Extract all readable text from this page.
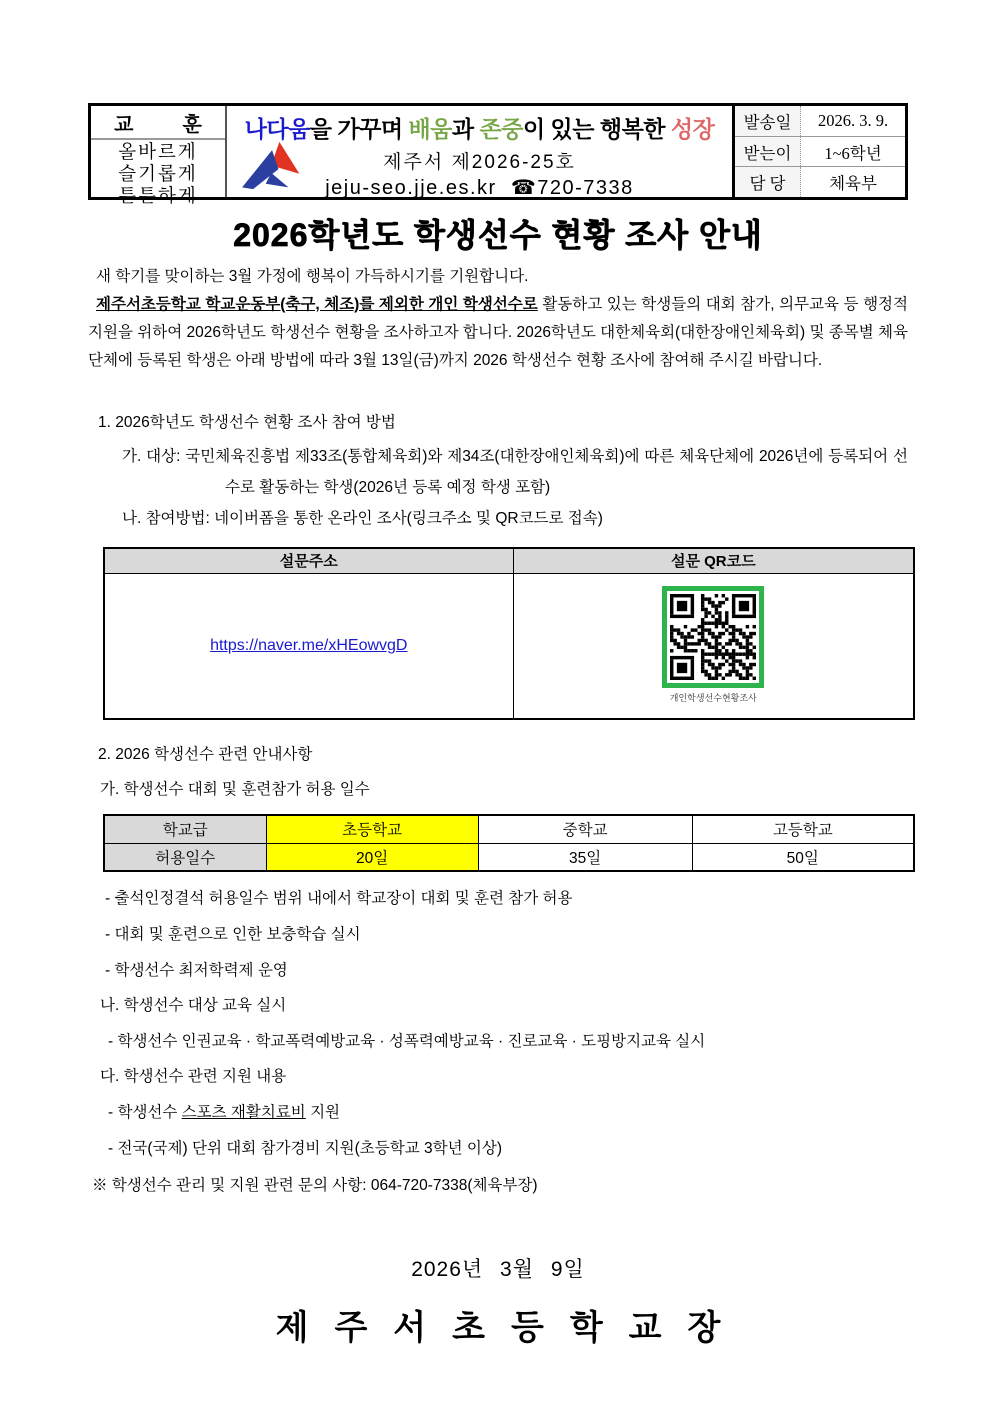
교 훈
올바르게
슬기롭게
튼튼하게
나다움을 가꾸며 배움과 존중이 있는 행복한 성장
제주서 제2026-25호
jeju-seo.jje.es.kr ☎720-7338
발송일	2026. 3. 9.
받는이	1~6학년
담 당	체육부
2026학년도 학생선수 현황 조사 안내
새 학기를 맞이하는 3월 가정에 행복이 가득하시기를 기원합니다.
제주서초등학교 학교운동부(축구, 체조)를 제외한 개인 학생선수로 활동하고 있는 학생들의 대회 참가, 의무교육 등 행정적 지원을 위하여 2026학년도 학생선수 현황을 조사하고자 합니다. 2026학년도 대한체육회(대한장애인체육회) 및 종목별 체육단체에 등록된 학생은 아래 방법에 따라 3월 13일(금)까지 2026 학생선수 현황 조사에 참여해 주시길 바랍니다.
1. 2026학년도 학생선수 현황 조사 참여 방법
가. 대상: 국민체육진흥법 제33조(통합체육회)와 제34조(대한장애인체육회)에 따른 체육단체에 2026년에 등록되어 선수로 활동하는 학생(2026년 등록 예정 학생 포함)
나. 참여방법: 네이버폼을 통한 온라인 조사(링크주소 및 QR코드로 접속)
설문주소	설문 QR코드
https://naver.me/xHEowvgD	개인학생선수현황조사
2. 2026 학생선수 관련 안내사항
가. 학생선수 대회 및 훈련참가 허용 일수
학교급	초등학교	중학교	고등학교
허용일수	20일	35일	50일
- 출석인정결석 허용일수 범위 내에서 학교장이 대회 및 훈련 참가 허용
- 대회 및 훈련으로 인한 보충학습 실시
- 학생선수 최저학력제 운영
나. 학생선수 대상 교육 실시
- 학생선수 인권교육 · 학교폭력예방교육 · 성폭력예방교육 · 진로교육 · 도핑방지교육 실시
다. 학생선수 관련 지원 내용
- 학생선수 스포츠 재활치료비 지원
- 전국(국제) 단위 대회 참가경비 지원(초등학교 3학년 이상)
※ 학생선수 관리 및 지원 관련 문의 사항: 064-720-7338(체육부장)
2026년 3월 9일
제주서초등학교장
